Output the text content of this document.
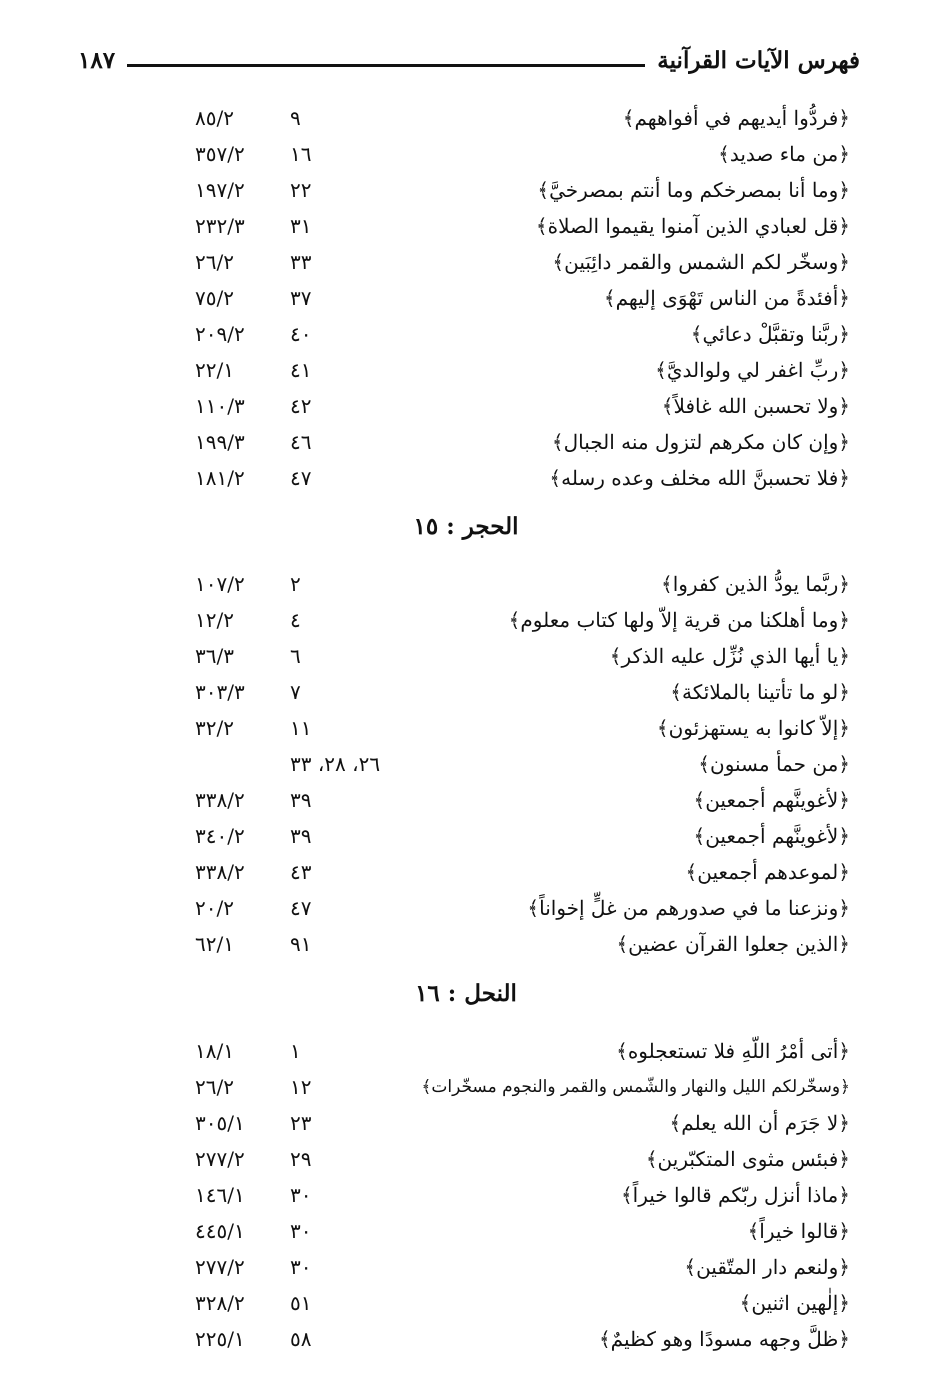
فهرس الآيات القرآنية
١٨٧
﴿فردُّوا أيديهم في أفواههم﴾
٩
٨٥/٢
﴿من ماء صديد﴾
١٦
٣٥٧/٢
﴿وما أنا بمصرخكم وما أنتم بمصرخيَّ﴾
٢٢
١٩٧/٢
﴿قل لعبادي الذين آمنوا يقيموا الصلاة﴾
٣١
٢٣٢/٣
﴿وسخّر لكم الشمس والقمر دائِبَين﴾
٣٣
٢٦/٢
﴿أفئدةً من الناس تَهْوَى إليهم﴾
٣٧
٧٥/٢
﴿ربَّنا وتقبَّلْ دعائي﴾
٤٠
٢٠٩/٢
﴿ربِّ اغفر لي ولوالديَّ﴾
٤١
٢٢/١
﴿ولا تحسبن الله غافلاً﴾
٤٢
١١٠/٣
﴿وإن كان مكرهم لتزول منه الجبال﴾
٤٦
١٩٩/٣
﴿فلا تحسبنَّ الله مخلف وعده رسله﴾
٤٧
١٨١/٢
الحجر : ١٥
﴿ربَّما يودُّ الذين كفروا﴾
٢
١٠٧/٢
﴿وما أهلكنا من قرية إلاّ ولها كتاب معلوم﴾
٤
١٢/٢
﴿يا أيها الذي نُزِّل عليه الذكر﴾
٦
٣٦/٣
﴿لو ما تأتينا بالملائكة﴾
٧
٣٠٣/٣
﴿إلاّ كانوا به يستهزئون﴾
١١
٣٢/٢
﴿من حمأ مسنون﴾
٢٦، ٢٨، ٣٣
﴿لأغوينَّهم أجمعين﴾
٣٩
٣٣٨/٢
﴿لأغوينَّهم أجمعين﴾
٣٩
٣٤٠/٢
﴿لموعدهم أجمعين﴾
٤٣
٣٣٨/٢
﴿ونزعنا ما في صدورهم من غلٍّ إخواناً﴾
٤٧
٢٠/٢
﴿الذين جعلوا القرآن عضين﴾
٩١
٦٢/١
النحل : ١٦
﴿أتى أمْرُ اللّهِ فلا تستعجلوه﴾
١
١٨/١
﴿وسخّرلكم الليل والنهار والشّمس والقمر والنجوم مسخّرات﴾
١٢
٢٦/٢
﴿لا جَرَم أن الله يعلم﴾
٢٣
٣٠٥/١
﴿فبئس مثوى المتكبّرين﴾
٢٩
٢٧٧/٢
﴿ماذا أنزل ربّكم قالوا خيراً﴾
٣٠
١٤٦/١
﴿قالوا خيراً﴾
٣٠
٤٤٥/١
﴿ولنعم دار المتّقين﴾
٣٠
٢٧٧/٢
﴿إلٰهين اثنين﴾
٥١
٣٢٨/٢
﴿ظلَّ وجهه مسودًا وهو كظيمٌ﴾
٥٨
٢٢٥/١
